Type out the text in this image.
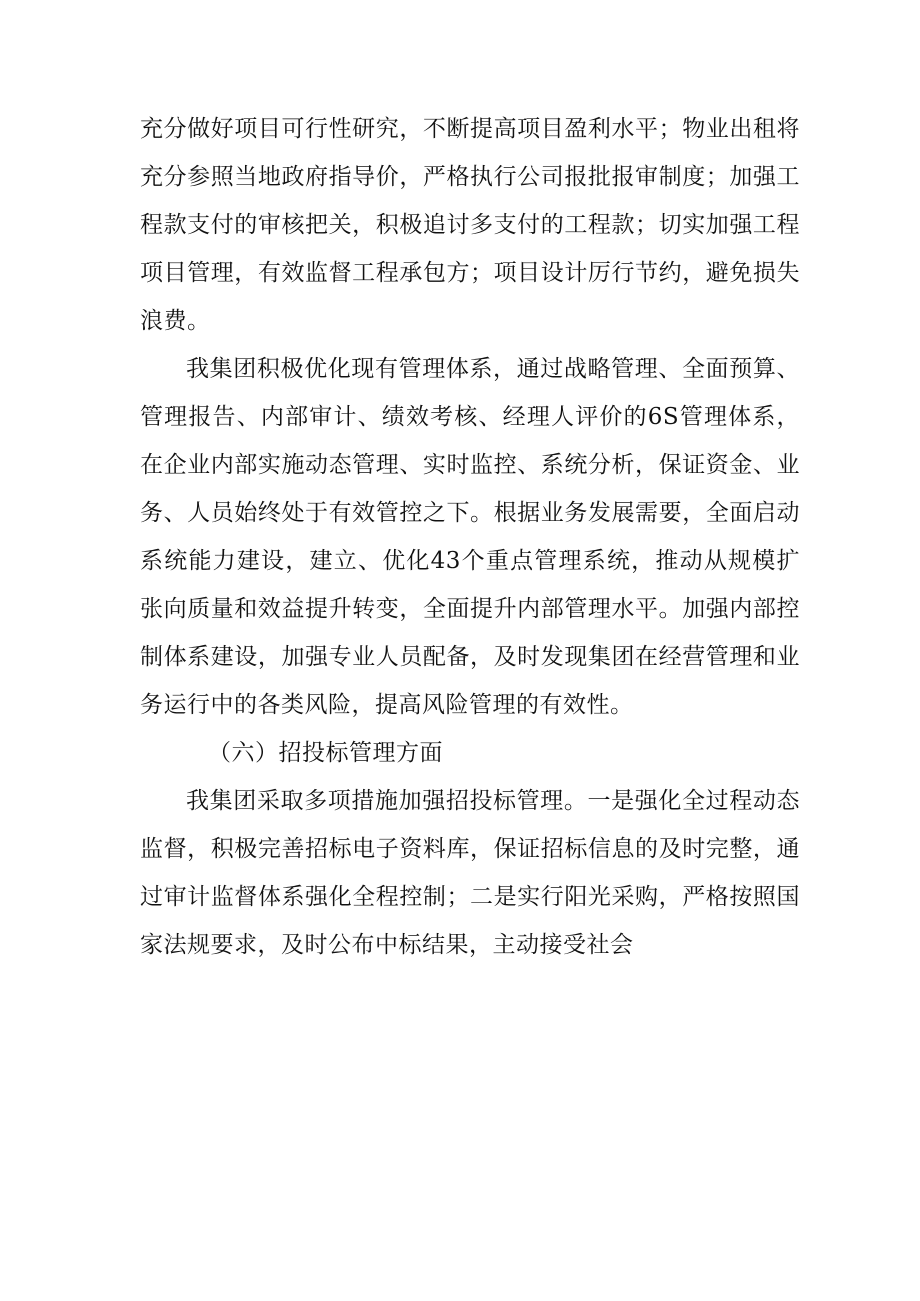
充分做好项目可行性研究，不断提高项目盈利水平；物业出租将
充分参照当地政府指导价，严格执行公司报批报审制度；加强工
程款支付的审核把关，积极追讨多支付的工程款；切实加强工程
项目管理，有效监督工程承包方；项目设计厉行节约，避免损失
浪费。
我集团积极优化现有管理体系，通过战略管理、全面预算、
管理报告、内部审计、绩效考核、经理人评价的6S管理体系，
在企业内部实施动态管理、实时监控、系统分析，保证资金、业
务、人员始终处于有效管控之下。根据业务发展需要，全面启动
系统能力建设，建立、优化43个重点管理系统，推动从规模扩
张向质量和效益提升转变，全面提升内部管理水平。加强内部控
制体系建设，加强专业人员配备，及时发现集团在经营管理和业
务运行中的各类风险，提高风险管理的有效性。
（六）招投标管理方面
我集团采取多项措施加强招投标管理。一是强化全过程动态
监督，积极完善招标电子资料库，保证招标信息的及时完整，通
过审计监督体系强化全程控制；二是实行阳光采购，严格按照国
家法规要求，及时公布中标结果，主动接受社会
